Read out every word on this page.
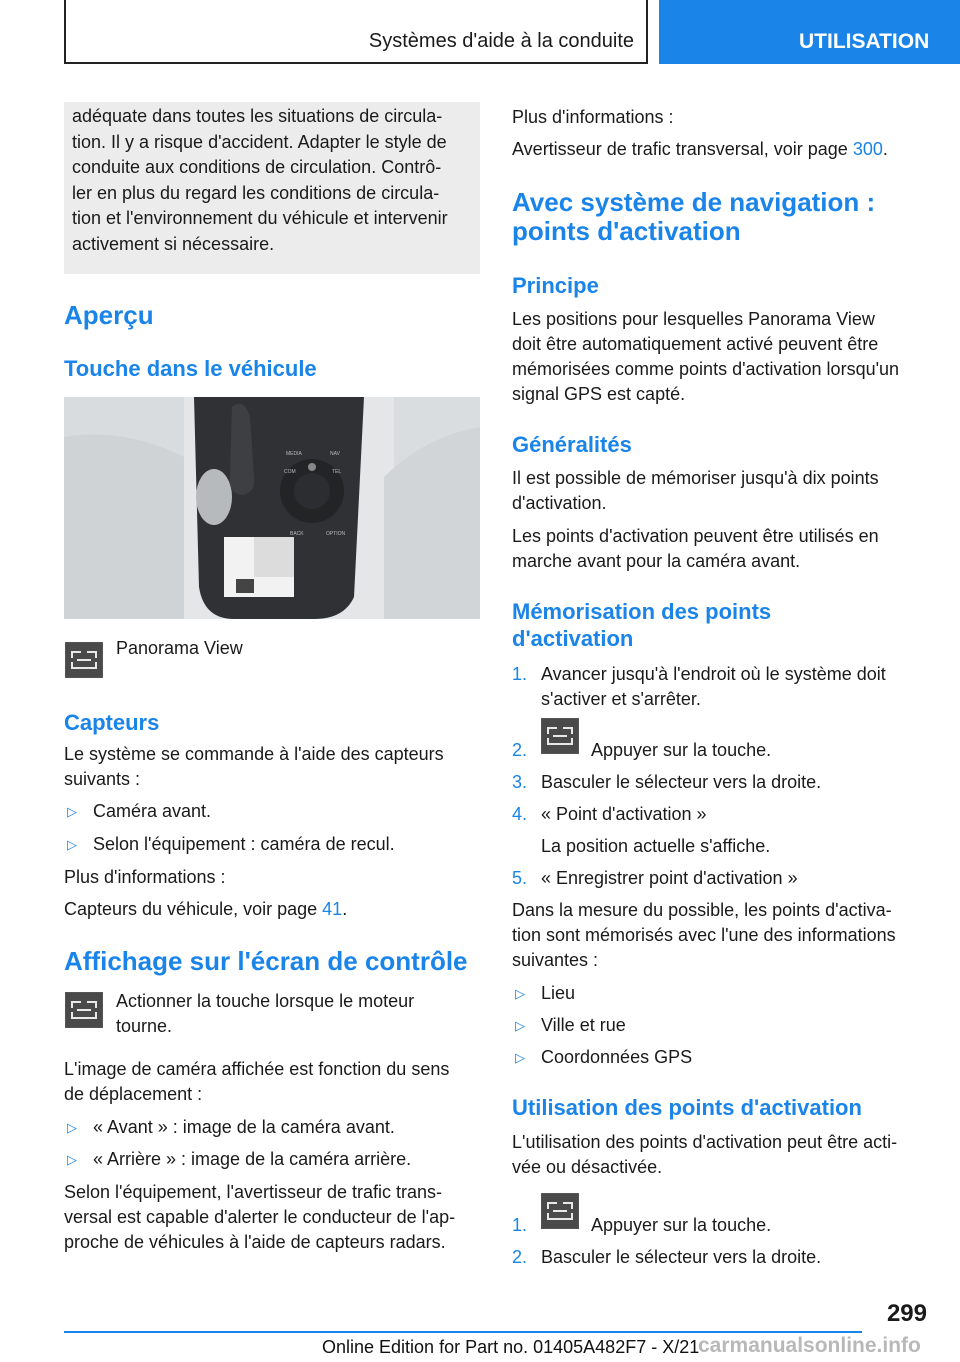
Systèmes d'aide à la conduite	UTILISATION
adéquate dans toutes les situations de circula-
tion. Il y a risque d'accident. Adapter le style de
conduite aux conditions de circulation. Contrô-
ler en plus du regard les conditions de circula-
tion et l'environnement du véhicule et intervenir
activement si nécessaire.
Aperçu
Touche dans le véhicule
MEDIA	NAV
COM	TEL
BACK	OPTION
Panorama View
Capteurs
Le système se commande à l'aide des capteurs
suivants :
▷ Caméra avant.
▷ Selon l'équipement : caméra de recul.
Plus d'informations :
Capteurs du véhicule, voir page 41.
Affichage sur l'écran de contrôle
Actionner la touche lorsque le moteur
tourne.
L'image de caméra affichée est fonction du sens
de déplacement :
▷ « Avant » : image de la caméra avant.
▷ « Arrière » : image de la caméra arrière.
Selon l'équipement, l'avertisseur de trafic trans-
versal est capable d'alerter le conducteur de l'ap-
proche de véhicules à l'aide de capteurs radars.
Plus d'informations :
Avertisseur de trafic transversal, voir page 300.
Avec système de navigation :
points d'activation
Principe
Les positions pour lesquelles Panorama View
doit être automatiquement activé peuvent être
mémorisées comme points d'activation lorsqu'un
signal GPS est capté.
Généralités
Il est possible de mémoriser jusqu'à dix points
d'activation.
Les points d'activation peuvent être utilisés en
marche avant pour la caméra avant.
Mémorisation des points
d'activation
1. Avancer jusqu'à l'endroit où le système doit
s'activer et s'arrêter.
2.	Appuyer sur la touche.
3. Basculer le sélecteur vers la droite.
4. « Point d'activation »
La position actuelle s'affiche.
5. « Enregistrer point d'activation »
Dans la mesure du possible, les points d'activa-
tion sont mémorisés avec l'une des informations
suivantes :
▷ Lieu
▷ Ville et rue
▷ Coordonnées GPS
Utilisation des points d'activation
L'utilisation des points d'activation peut être acti-
vée ou désactivée.
1.	Appuyer sur la touche.
2. Basculer le sélecteur vers la droite.
299
Online Edition for Part no. 01405A482F7 - X/21
carmanualsonline.info
